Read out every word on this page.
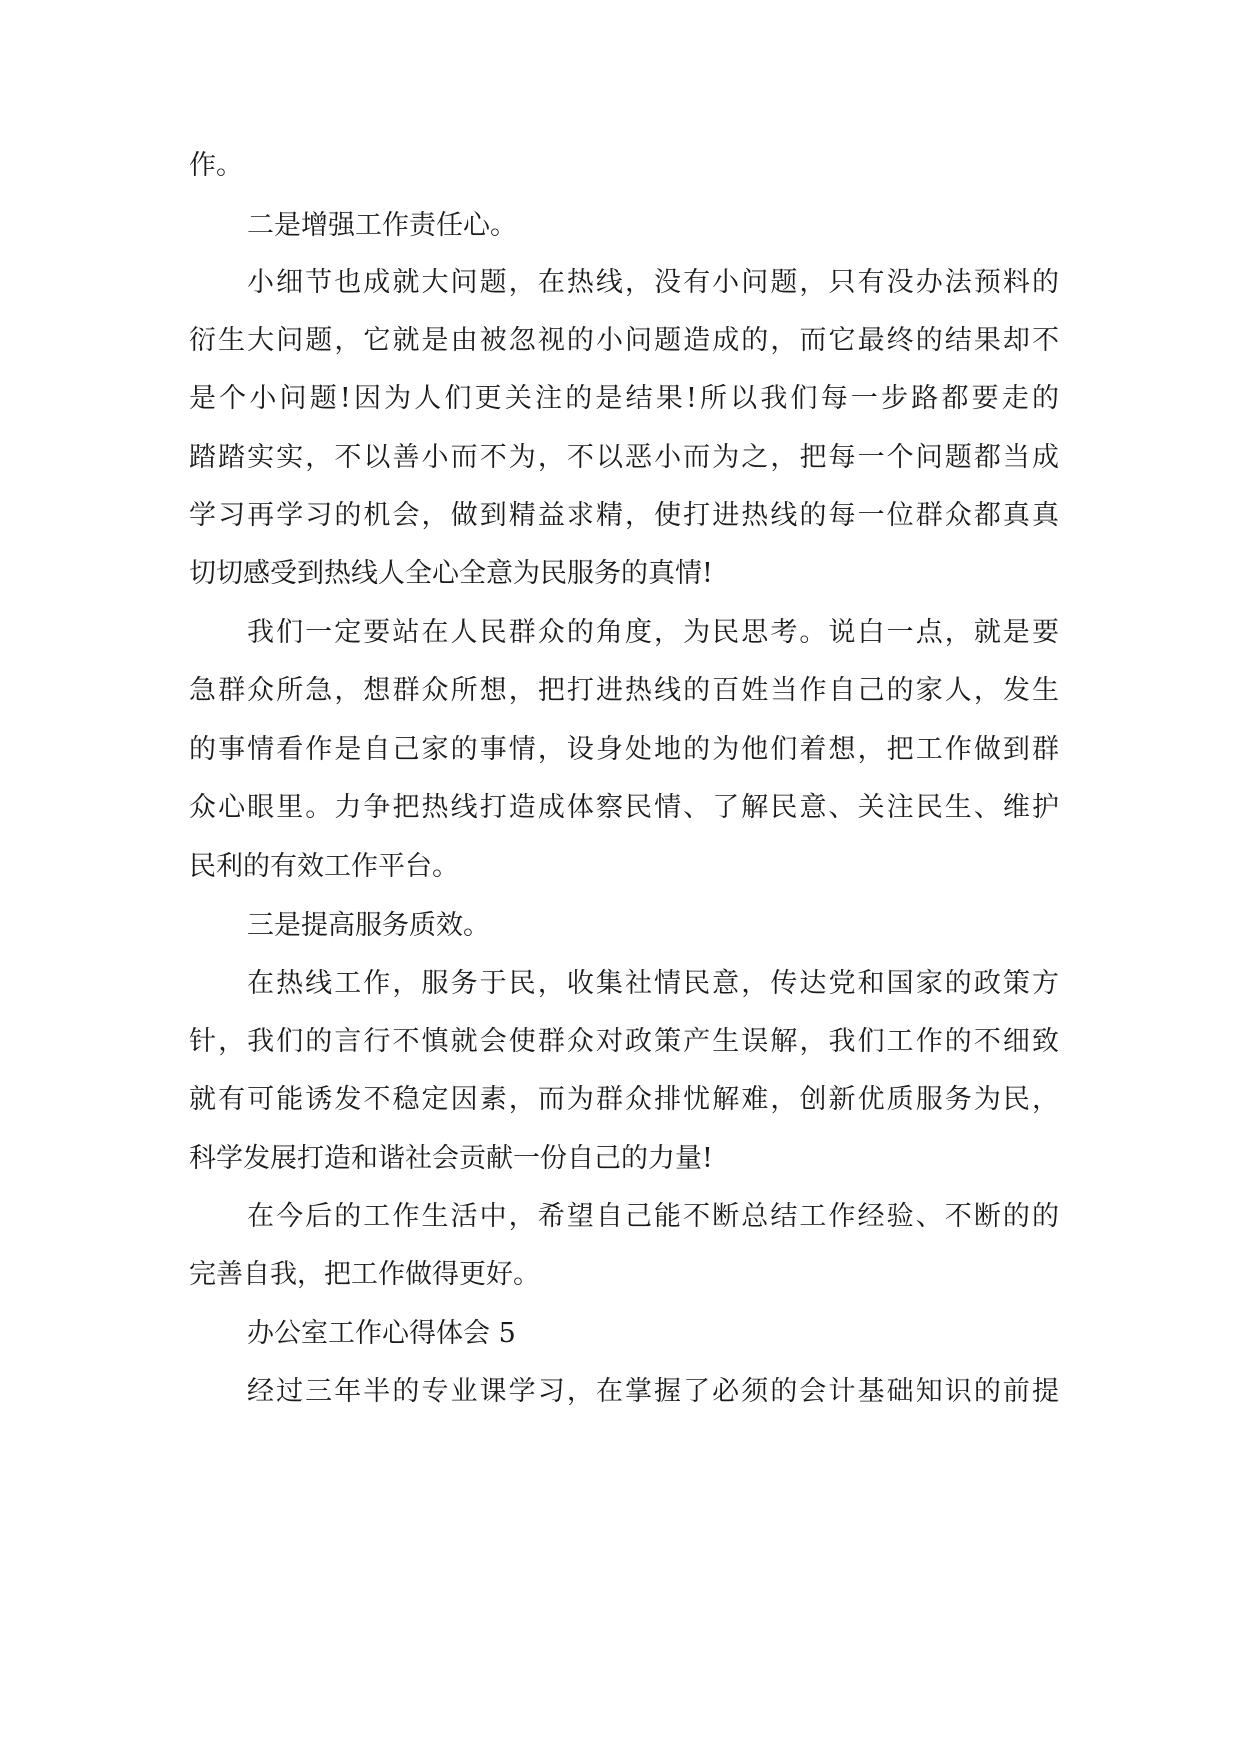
作。

二是增强工作责任心。

小细节也成就大问题，在热线，没有小问题，只有没办法预料的

衍生大问题，它就是由被忽视的小问题造成的，而它最终的结果却不

是个小问题!因为人们更关注的是结果!所以我们每一步路都要走的

踏踏实实，不以善小而不为，不以恶小而为之，把每一个问题都当成

学习再学习的机会，做到精益求精，使打进热线的每一位群众都真真

切切感受到热线人全心全意为民服务的真情!

我们一定要站在人民群众的角度，为民思考。说白一点，就是要

急群众所急，想群众所想，把打进热线的百姓当作自己的家人，发生

的事情看作是自己家的事情，设身处地的为他们着想，把工作做到群

众心眼里。力争把热线打造成体察民情、了解民意、关注民生、维护

民利的有效工作平台。

三是提高服务质效。

在热线工作，服务于民，收集社情民意，传达党和国家的政策方

针，我们的言行不慎就会使群众对政策产生误解，我们工作的不细致

就有可能诱发不稳定因素，而为群众排忧解难，创新优质服务为民，

科学发展打造和谐社会贡献一份自己的力量!

在今后的工作生活中，希望自己能不断总结工作经验、不断的的

完善自我，把工作做得更好。

办公室工作心得体会 5

经过三年半的专业课学习，在掌握了必须的会计基础知识的前提
